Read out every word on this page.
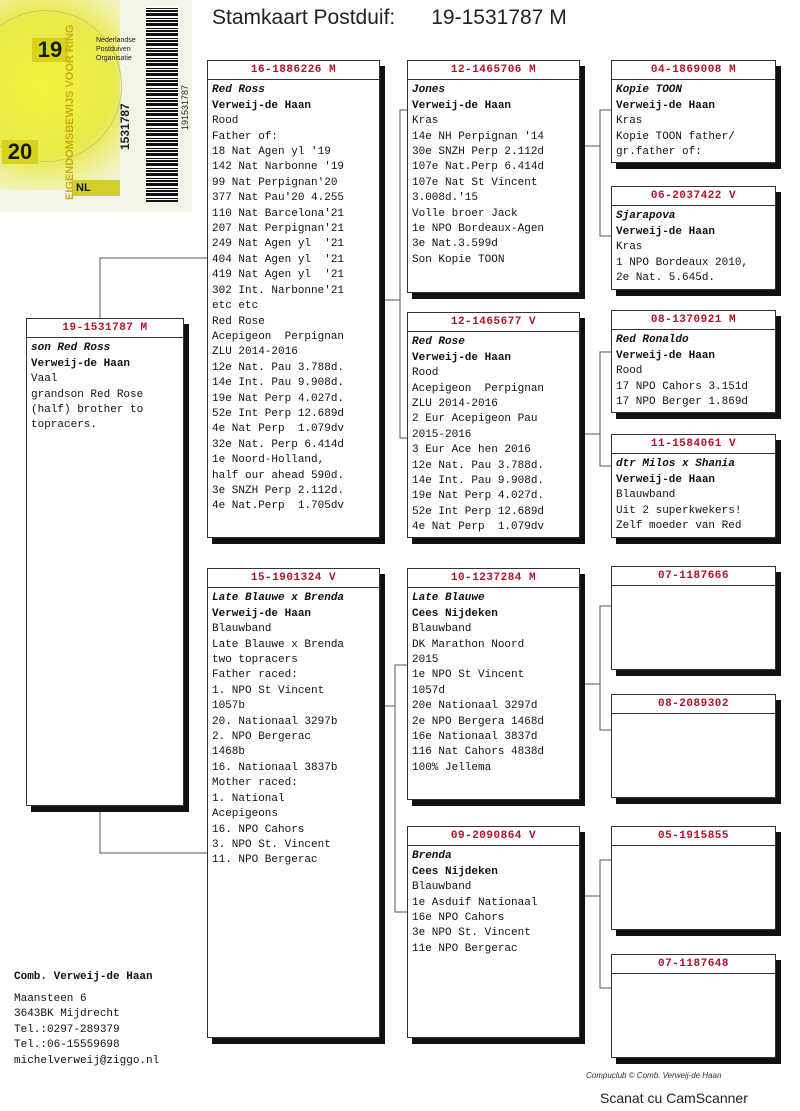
Stamkaart Postduif: 19-1531787 M
19
20
NL
EIGENDOMSBEWIJS VOOR RING	1531787
Nederlandse
Postduiven
Organisatie
191531787
19-1531787 M
son Red Ross
Verweij-de Haan
Vaal
grandson Red Rose
(half) brother to
topracers.
16-1886226 M
Red Ross
Verweij-de Haan
Rood
Father of:
18 Nat Agen yl '19
142 Nat Narbonne '19
99 Nat Perpignan'20
377 Nat Pau'20 4.255
110 Nat Barcelona'21
207 Nat Perpignan'21
249 Nat Agen yl  '21
404 Nat Agen yl  '21
419 Nat Agen yl  '21
302 Int. Narbonne'21
etc etc
Red Rose
Acepigeon  Perpignan
ZLU 2014-2016
12e Nat. Pau 3.788d.
14e Int. Pau 9.908d.
19e Nat Perp 4.027d.
52e Int Perp 12.689d
4e Nat Perp  1.079dv
32e Nat. Perp 6.414d
1e Noord-Holland,
half our ahead 590d.
3e SNZH Perp 2.112d.
4e Nat.Perp  1.705dv
15-1901324 V
Late Blauwe x Brenda
Verweij-de Haan
Blauwband
Late Blauwe x Brenda
two topracers
Father raced:
1. NPO St Vincent
1057b
20. Nationaal 3297b
2. NPO Bergerac
1468b
16. Nationaal 3837b
Mother raced:
1. National
Acepigeons
16. NPO Cahors
3. NPO St. Vincent
11. NPO Bergerac
12-1465706 M
Jones
Verweij-de Haan
Kras
14e NH Perpignan '14
30e SNZH Perp 2.112d
107e Nat.Perp 6.414d
107e Nat St Vincent
3.008d.'15
Volle broer Jack
1e NPO Bordeaux-Agen
3e Nat.3.599d
Son Kopie TOON
12-1465677 V
Red Rose
Verweij-de Haan
Rood
Acepigeon  Perpignan
ZLU 2014-2016
2 Eur Acepigeon Pau
2015-2016
3 Eur Ace hen 2016
12e Nat. Pau 3.788d.
14e Int. Pau 9.908d.
19e Nat Perp 4.027d.
52e Int Perp 12.689d
4e Nat Perp  1.079dv
10-1237284 M
Late Blauwe
Cees Nijdeken
Blauwband
DK Marathon Noord
2015
1e NPO St Vincent
1057d
20e Nationaal 3297d
2e NPO Bergera 1468d
16e Nationaal 3837d
116 Nat Cahors 4838d
100% Jellema
09-2090864 V
Brenda
Cees Nijdeken
Blauwband
1e Asduif Nationaal
16e NPO Cahors
3e NPO St. Vincent
11e NPO Bergerac
04-1869008 M
Kopie TOON
Verweij-de Haan
Kras
Kopie TOON father/
gr.father of:
06-2037422 V
Sjarapova
Verweij-de Haan
Kras
1 NPO Bordeaux 2010,
2e Nat. 5.645d.
08-1370921 M
Red Ronaldo
Verweij-de Haan
Rood
17 NPO Cahors 3.151d
17 NPO Berger 1.869d
11-1584061 V
dtr Milos x Shania
Verweij-de Haan
Blauwband
Uit 2 superkwekers!
Zelf moeder van Red
07-1187666
08-2089302
05-1915855
07-1187648
Comb. Verweij-de Haan
Maansteen 6
3643BK Mijdrecht
Tel.:0297-289379
Tel.:06-15559698
michelverweij@ziggo.nl
Compuclub © Comb. Verweij-de Haan
Scanat cu CamScanner
